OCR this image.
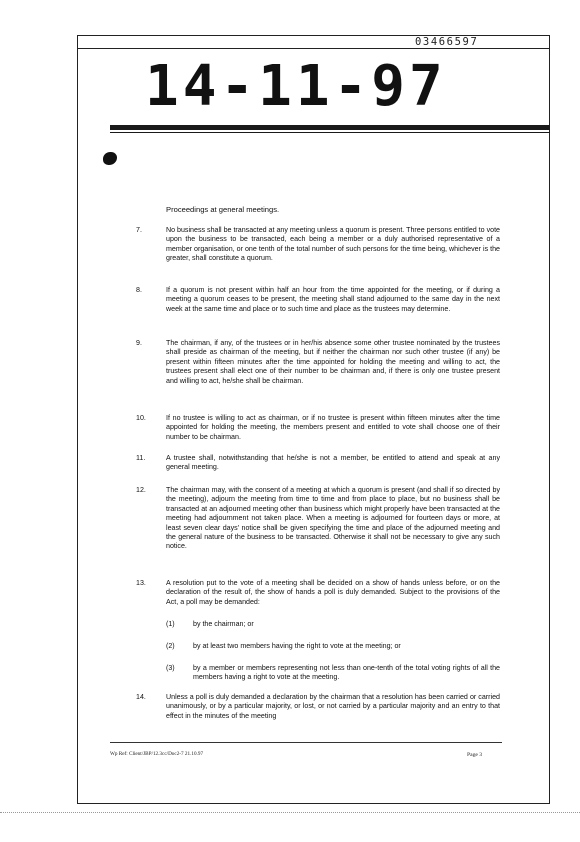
03466597
14-11-97
Proceedings at general meetings.
7.	No business shall be transacted at any meeting unless a quorum is present. Three persons entitled to vote upon the business to be transacted, each being a member or a duly authorised representative of a member organisation, or one tenth of the total number of such persons for the time being, whichever is the greater, shall constitute a quorum.
8.	If a quorum is not present within half an hour from the time appointed for the meeting, or if during a meeting a quorum ceases to be present, the meeting shall stand adjourned to the same day in the next week at the same time and place or to such time and place as the trustees may determine.
9.	The chairman, if any, of the trustees or in her/his absence some other trustee nominated by the trustees shall preside as chairman of the meeting, but if neither the chairman nor such other trustee (if any) be present within fifteen minutes after the time appointed for holding the meeting and willing to act, the trustees present shall elect one of their number to be chairman and, if there is only one trustee present and willing to act, he/she shall be chairman.
10.	If no trustee is willing to act as chairman, or if no trustee is present within fifteen minutes after the time appointed for holding the meeting, the members present and entitled to vote shall choose one of their number to be chairman.
11.	A trustee shall, notwithstanding that he/she is not a member, be entitled to attend and speak at any general meeting.
12.	The chairman may, with the consent of a meeting at which a quorum is present (and shall if so directed by the meeting), adjourn the meeting from time to time and from place to place, but no business shall be transacted at an adjourned meeting other than business which might properly have been transacted at the meeting had adjournment not taken place. When a meeting is adjourned for fourteen days or more, at least seven clear days' notice shall be given specifying the time and place of the adjourned meeting and the general nature of the business to be transacted. Otherwise it shall not be necessary to give any such notice.
13.	A resolution put to the vote of a meeting shall be decided on a show of hands unless before, or on the declaration of the result of, the show of hands a poll is duly demanded. Subject to the provisions of the Act, a poll may be demanded:
(1)	by the chairman; or
(2)	by at least two members having the right to vote at the meeting; or
(3)	by a member or members representing not less than one-tenth of the total voting rights of all the members having a right to vote at the meeting.
14.	Unless a poll is duly demanded a declaration by the chairman that a resolution has been carried or carried unanimously, or by a particular majority, or lost, or not carried by a particular majority and an entry to that effect in the minutes of the meeting
Wp Ref: Client/JBP/12.3cc/Doc2-7 21.10.97	Page 3
